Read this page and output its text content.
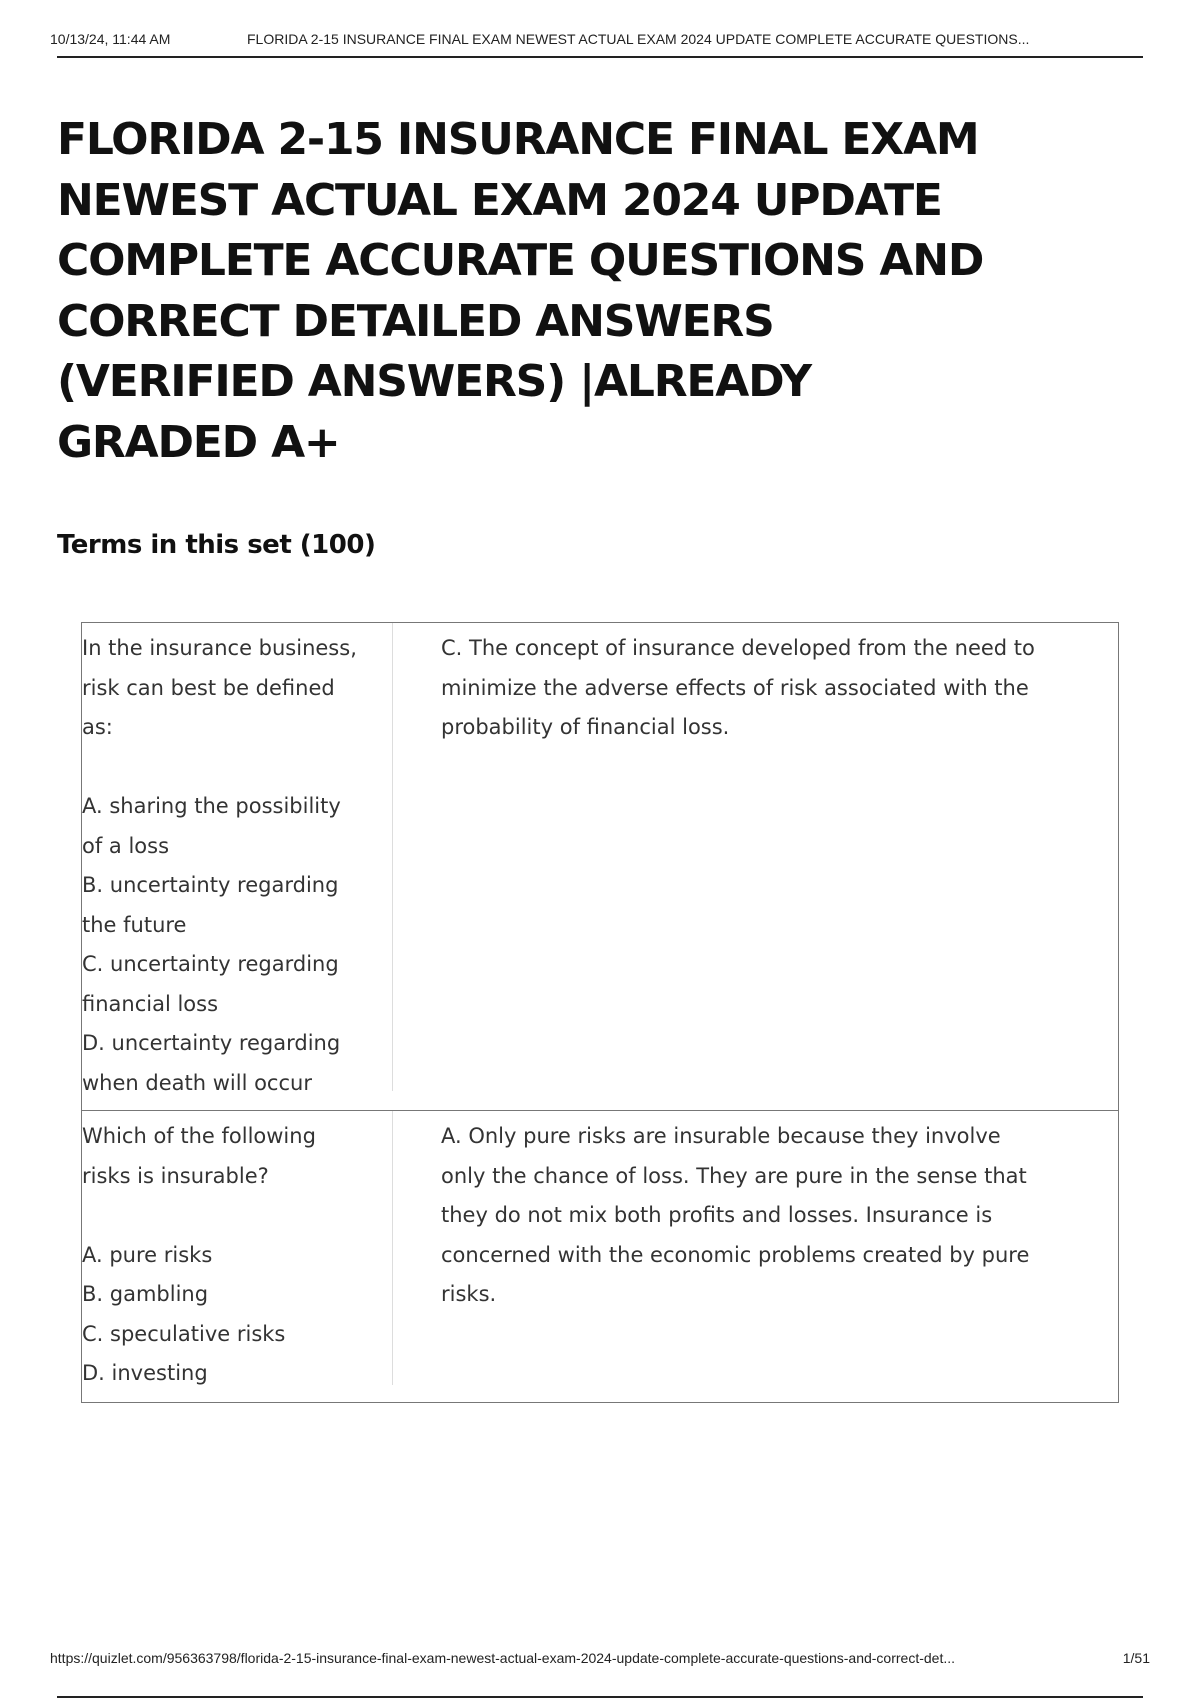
10/13/24, 11:44 AM	FLORIDA 2-15 INSURANCE FINAL EXAM NEWEST ACTUAL EXAM 2024 UPDATE COMPLETE ACCURATE QUESTIONS...
FLORIDA 2-15 INSURANCE FINAL EXAM NEWEST ACTUAL EXAM 2024 UPDATE COMPLETE ACCURATE QUESTIONS AND CORRECT DETAILED ANSWERS (VERIFIED ANSWERS) |ALREADY GRADED A+
Terms in this set (100)
In the insurance business,
risk can best be defined
as:

A. sharing the possibility
of a loss
B. uncertainty regarding
the future
C. uncertainty regarding
financial loss
D. uncertainty regarding
when death will occur
C. The concept of insurance developed from the need to minimize the adverse effects of risk associated with the probability of financial loss.
Which of the following
risks is insurable?

A. pure risks
B. gambling
C. speculative risks
D. investing
A. Only pure risks are insurable because they involve only the chance of loss. They are pure in the sense that they do not mix both profits and losses. Insurance is concerned with the economic problems created by pure risks.
https://quizlet.com/956363798/florida-2-15-insurance-final-exam-newest-actual-exam-2024-update-complete-accurate-questions-and-correct-det...	1/51
